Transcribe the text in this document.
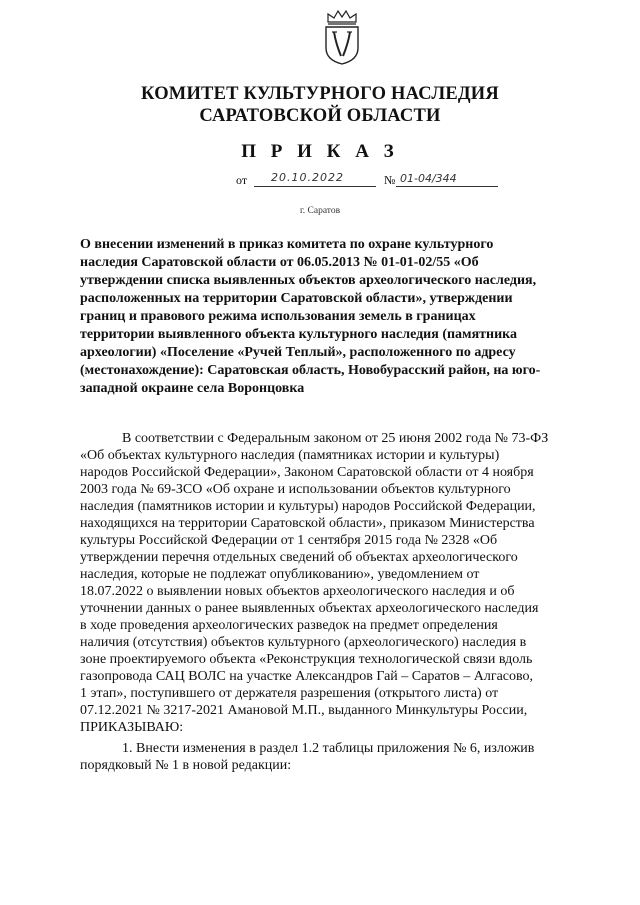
КОМИТЕТ КУЛЬТУРНОГО НАСЛЕДИЯ
САРАТОВСКОЙ ОБЛАСТИ
П Р И К А З
от 20.10.2022	№ 01-04/344
г. Саратов
О внесении изменений в приказ комитета по охране культурного
наследия Саратовской области от 06.05.2013 № 01-01-02/55 «Об
утверждении списка выявленных объектов археологического наследия,
расположенных на территории Саратовской области», утверждении
границ и правового режима использования земель в границах
территории выявленного объекта культурного наследия (памятника
археологии) «Поселение «Ручей Теплый», расположенного по адресу
(местонахождение): Саратовская область, Новобурасский район, на юго-
западной окраине села Воронцовка
В соответствии с Федеральным законом от 25 июня 2002 года № 73-ФЗ
«Об объектах культурного наследия (памятниках истории и культуры)
народов Российской Федерации», Законом Саратовской области от 4 ноября
2003 года № 69-ЗСО «Об охране и использовании объектов культурного
наследия (памятников истории и культуры) народов Российской Федерации,
находящихся на территории Саратовской области», приказом Министерства
культуры Российской Федерации от 1 сентября 2015 года № 2328 «Об
утверждении перечня отдельных сведений об объектах археологического
наследия, которые не подлежат опубликованию», уведомлением от
18.07.2022 о выявлении новых объектов археологического наследия и об
уточнении данных о ранее выявленных объектах археологического наследия
в ходе проведения археологических разведок на предмет определения
наличия (отсутствия) объектов культурного (археологического) наследия в
зоне проектируемого объекта «Реконструкция технологической связи вдоль
газопровода САЦ ВОЛС на участке Александров Гай – Саратов – Алгасово,
1 этап», поступившего от держателя разрешения (открытого листа) от
07.12.2021 № 3217-2021 Амановой М.П., выданного Минкультуры России,
ПРИКАЗЫВАЮ:
1. Внести изменения в раздел 1.2 таблицы приложения № 6, изложив
порядковый № 1 в новой редакции:
